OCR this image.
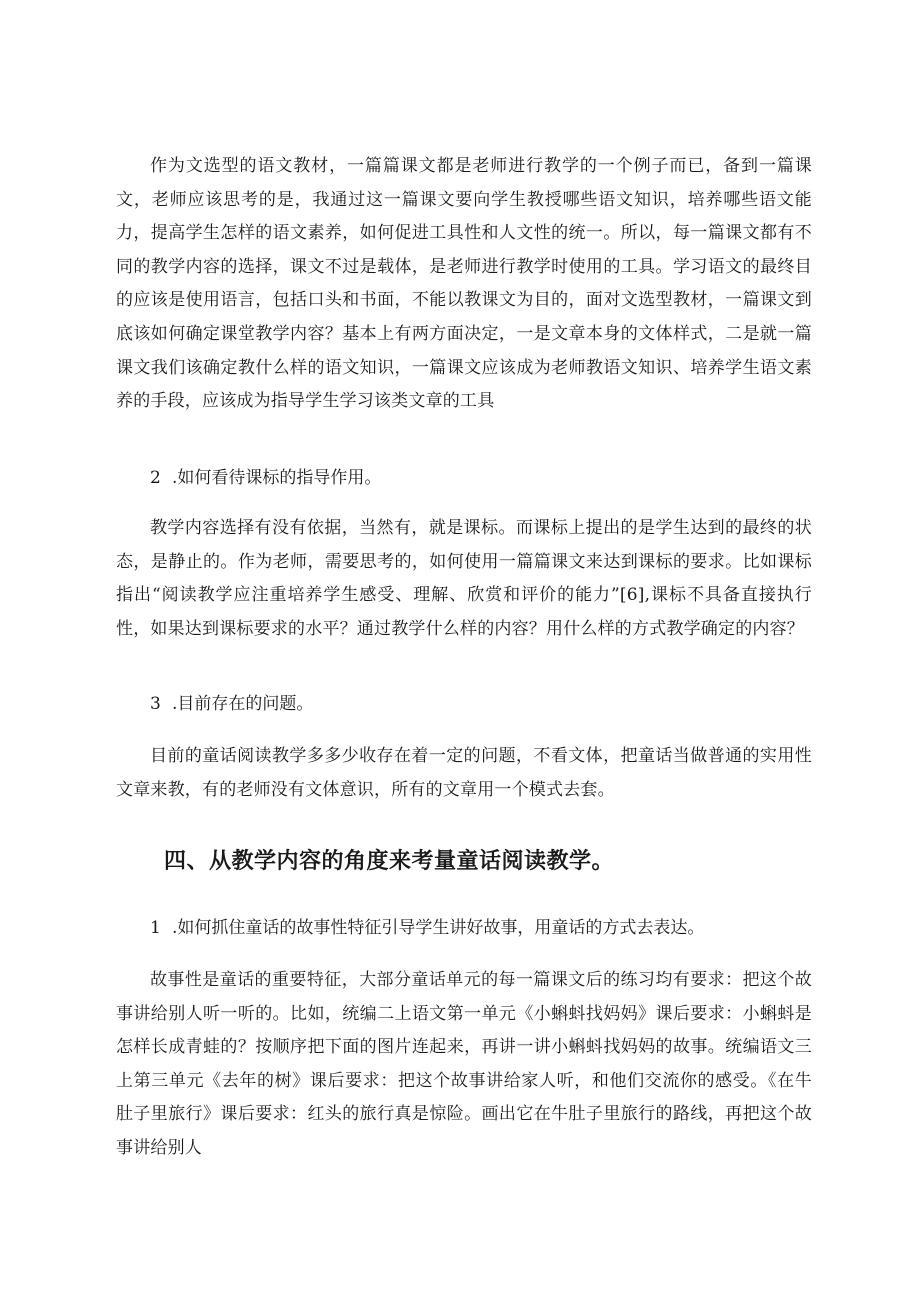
作为文选型的语文教材，一篇篇课文都是老师进行教学的一个例子而已，备到一篇课文，老师应该思考的是，我通过这一篇课文要向学生教授哪些语文知识，培养哪些语文能力，提高学生怎样的语文素养，如何促进工具性和人文性的统一。所以，每一篇课文都有不同的教学内容的选择，课文不过是载体，是老师进行教学时使用的工具。学习语文的最终目的应该是使用语言，包括口头和书面，不能以教课文为目的，面对文选型教材，一篇课文到底该如何确定课堂教学内容？基本上有两方面决定，一是文章本身的文体样式，二是就一篇课文我们该确定教什么样的语文知识，一篇课文应该成为老师教语文知识、培养学生语文素养的手段，应该成为指导学生学习该类文章的工具

2 .如何看待课标的指导作用。

教学内容选择有没有依据，当然有，就是课标。而课标上提出的是学生达到的最终的状态，是静止的。作为老师，需要思考的，如何使用一篇篇课文来达到课标的要求。比如课标指出“阅读教学应注重培养学生感受、理解、欣赏和评价的能力”[6],课标不具备直接执行性，如果达到课标要求的水平？通过教学什么样的内容？用什么样的方式教学确定的内容？

3 .目前存在的问题。

目前的童话阅读教学多多少收存在着一定的问题，不看文体，把童话当做普通的实用性文章来教，有的老师没有文体意识，所有的文章用一个模式去套。

四、从教学内容的角度来考量童话阅读教学。

1 .如何抓住童话的故事性特征引导学生讲好故事，用童话的方式去表达。

故事性是童话的重要特征，大部分童话单元的每一篇课文后的练习均有要求：把这个故事讲给别人听一听的。比如，统编二上语文第一单元《小蝌蚪找妈妈》课后要求：小蝌蚪是怎样长成青蛙的？按顺序把下面的图片连起来，再讲一讲小蝌蚪找妈妈的故事。统编语文三上第三单元《去年的树》课后要求：把这个故事讲给家人听，和他们交流你的感受。《在牛肚子里旅行》课后要求：红头的旅行真是惊险。画出它在牛肚子里旅行的路线，再把这个故事讲给别人
